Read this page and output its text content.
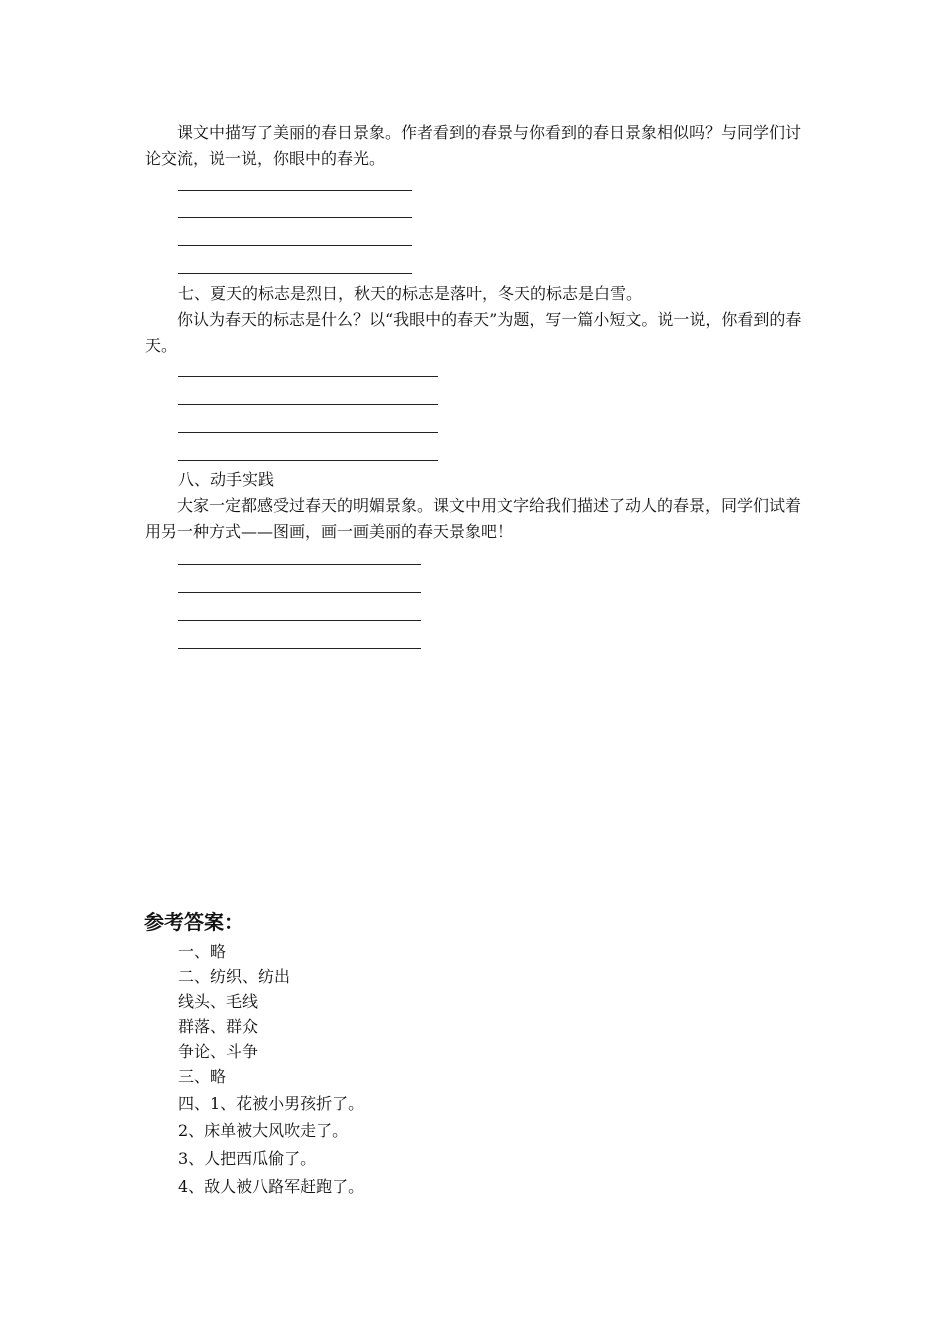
课文中描写了美丽的春日景象。作者看到的春景与你看到的春日景象相似吗？与同学们讨论交流，说一说，你眼中的春光。

七、夏天的标志是烈日，秋天的标志是落叶，冬天的标志是白雪。

你认为春天的标志是什么？以“我眼中的春天”为题，写一篇小短文。说一说，你看到的春天。

八、动手实践

大家一定都感受过春天的明媚景象。课文中用文字给我们描述了动人的春景，同学们试着用另一种方式——图画，画一画美丽的春天景象吧！

参考答案：

一、略

二、纺织、纺出

线头、毛线

群落、群众

争论、斗争

三、略

四、1、花被小男孩折了。

2、床单被大风吹走了。

3、人把西瓜偷了。

4、敌人被八路军赶跑了。
